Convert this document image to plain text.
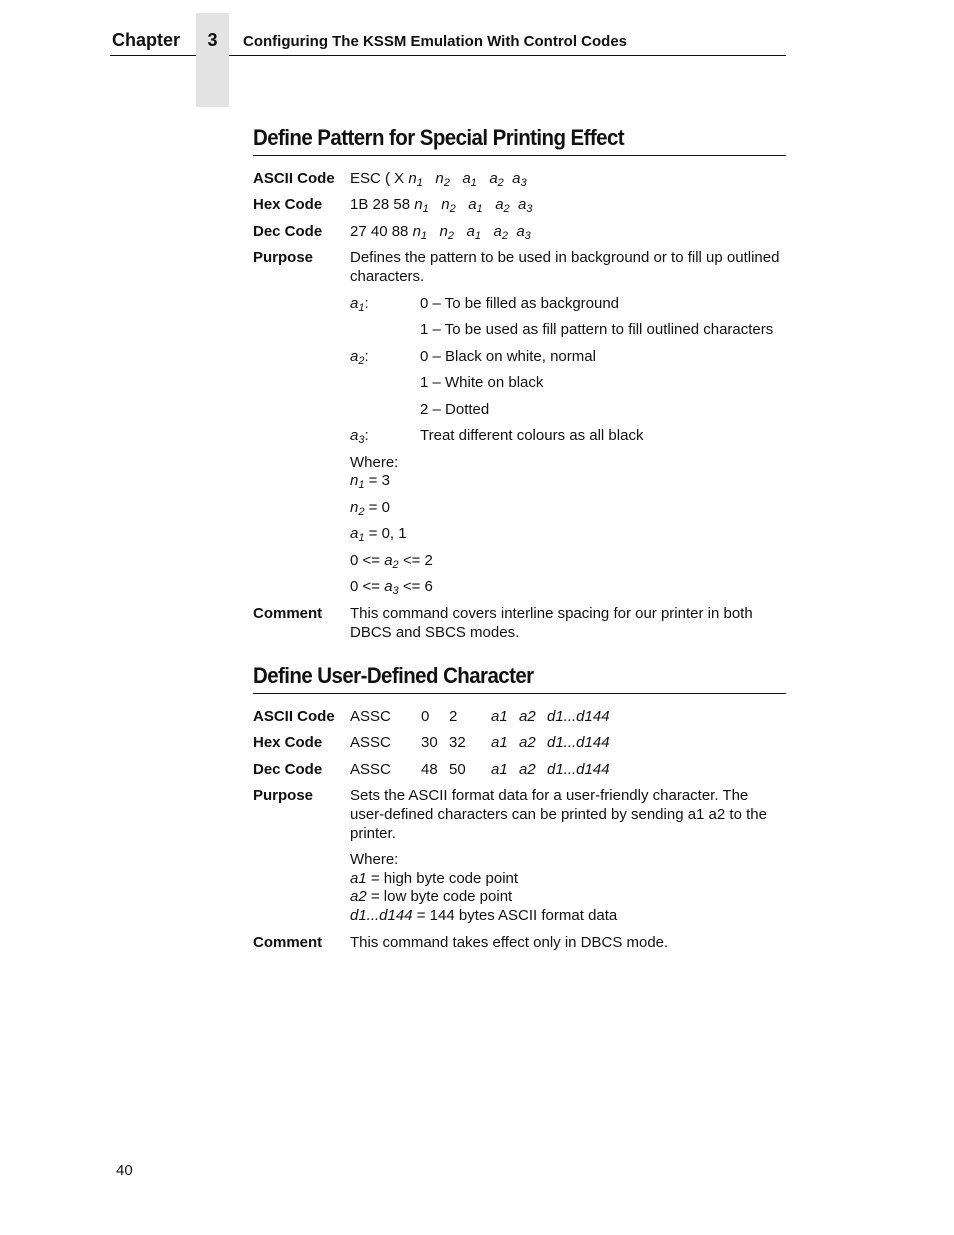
Chapter	3	Configuring The KSSM Emulation With Control Codes
Define Pattern for Special Printing Effect
ASCII Code ESC ( X $n_1$ $n_2$ $a_1$ $a_2$ $a_3$
Hex Code 1B 28 58 $n_1$ $n_2$ $a_1$ $a_2$ $a_3$
Dec Code 27 40 88 $n_1$ $n_2$ $a_1$ $a_2$ $a_3$
Purpose Defines the pattern to be used in background or to fill up outlined characters.
$a_1$:	0 – To be filled as background
1 – To be used as fill pattern to fill outlined characters
$a_2$:	0 – Black on white, normal
1 – White on black
2 – Dotted
$a_3$:	Treat different colours as all black
Where:
$n_1 = 3$
$n_2 = 0$
$a_1 = 0$, 1
$0 <= a_2 <= 2$
$0 <= a_3 <= 6$
Comment This command covers interline spacing for our printer in both DBCS and SBCS modes.
Define User-Defined Character
ASCII Code ASSC 0 2 a1 a2 d1...d144
Hex Code ASSC 30 32 a1 a2 d1...d144
Dec Code ASSC 48 50 a1 a2 d1...d144
Purpose Sets the ASCII format data for a user-friendly character. The user-defined characters can be printed by sending a1 a2 to the printer.
Where:
a1 = high byte code point
a2 = low byte code point
d1...d144 = 144 bytes ASCII format data
Comment This command takes effect only in DBCS mode.
40
